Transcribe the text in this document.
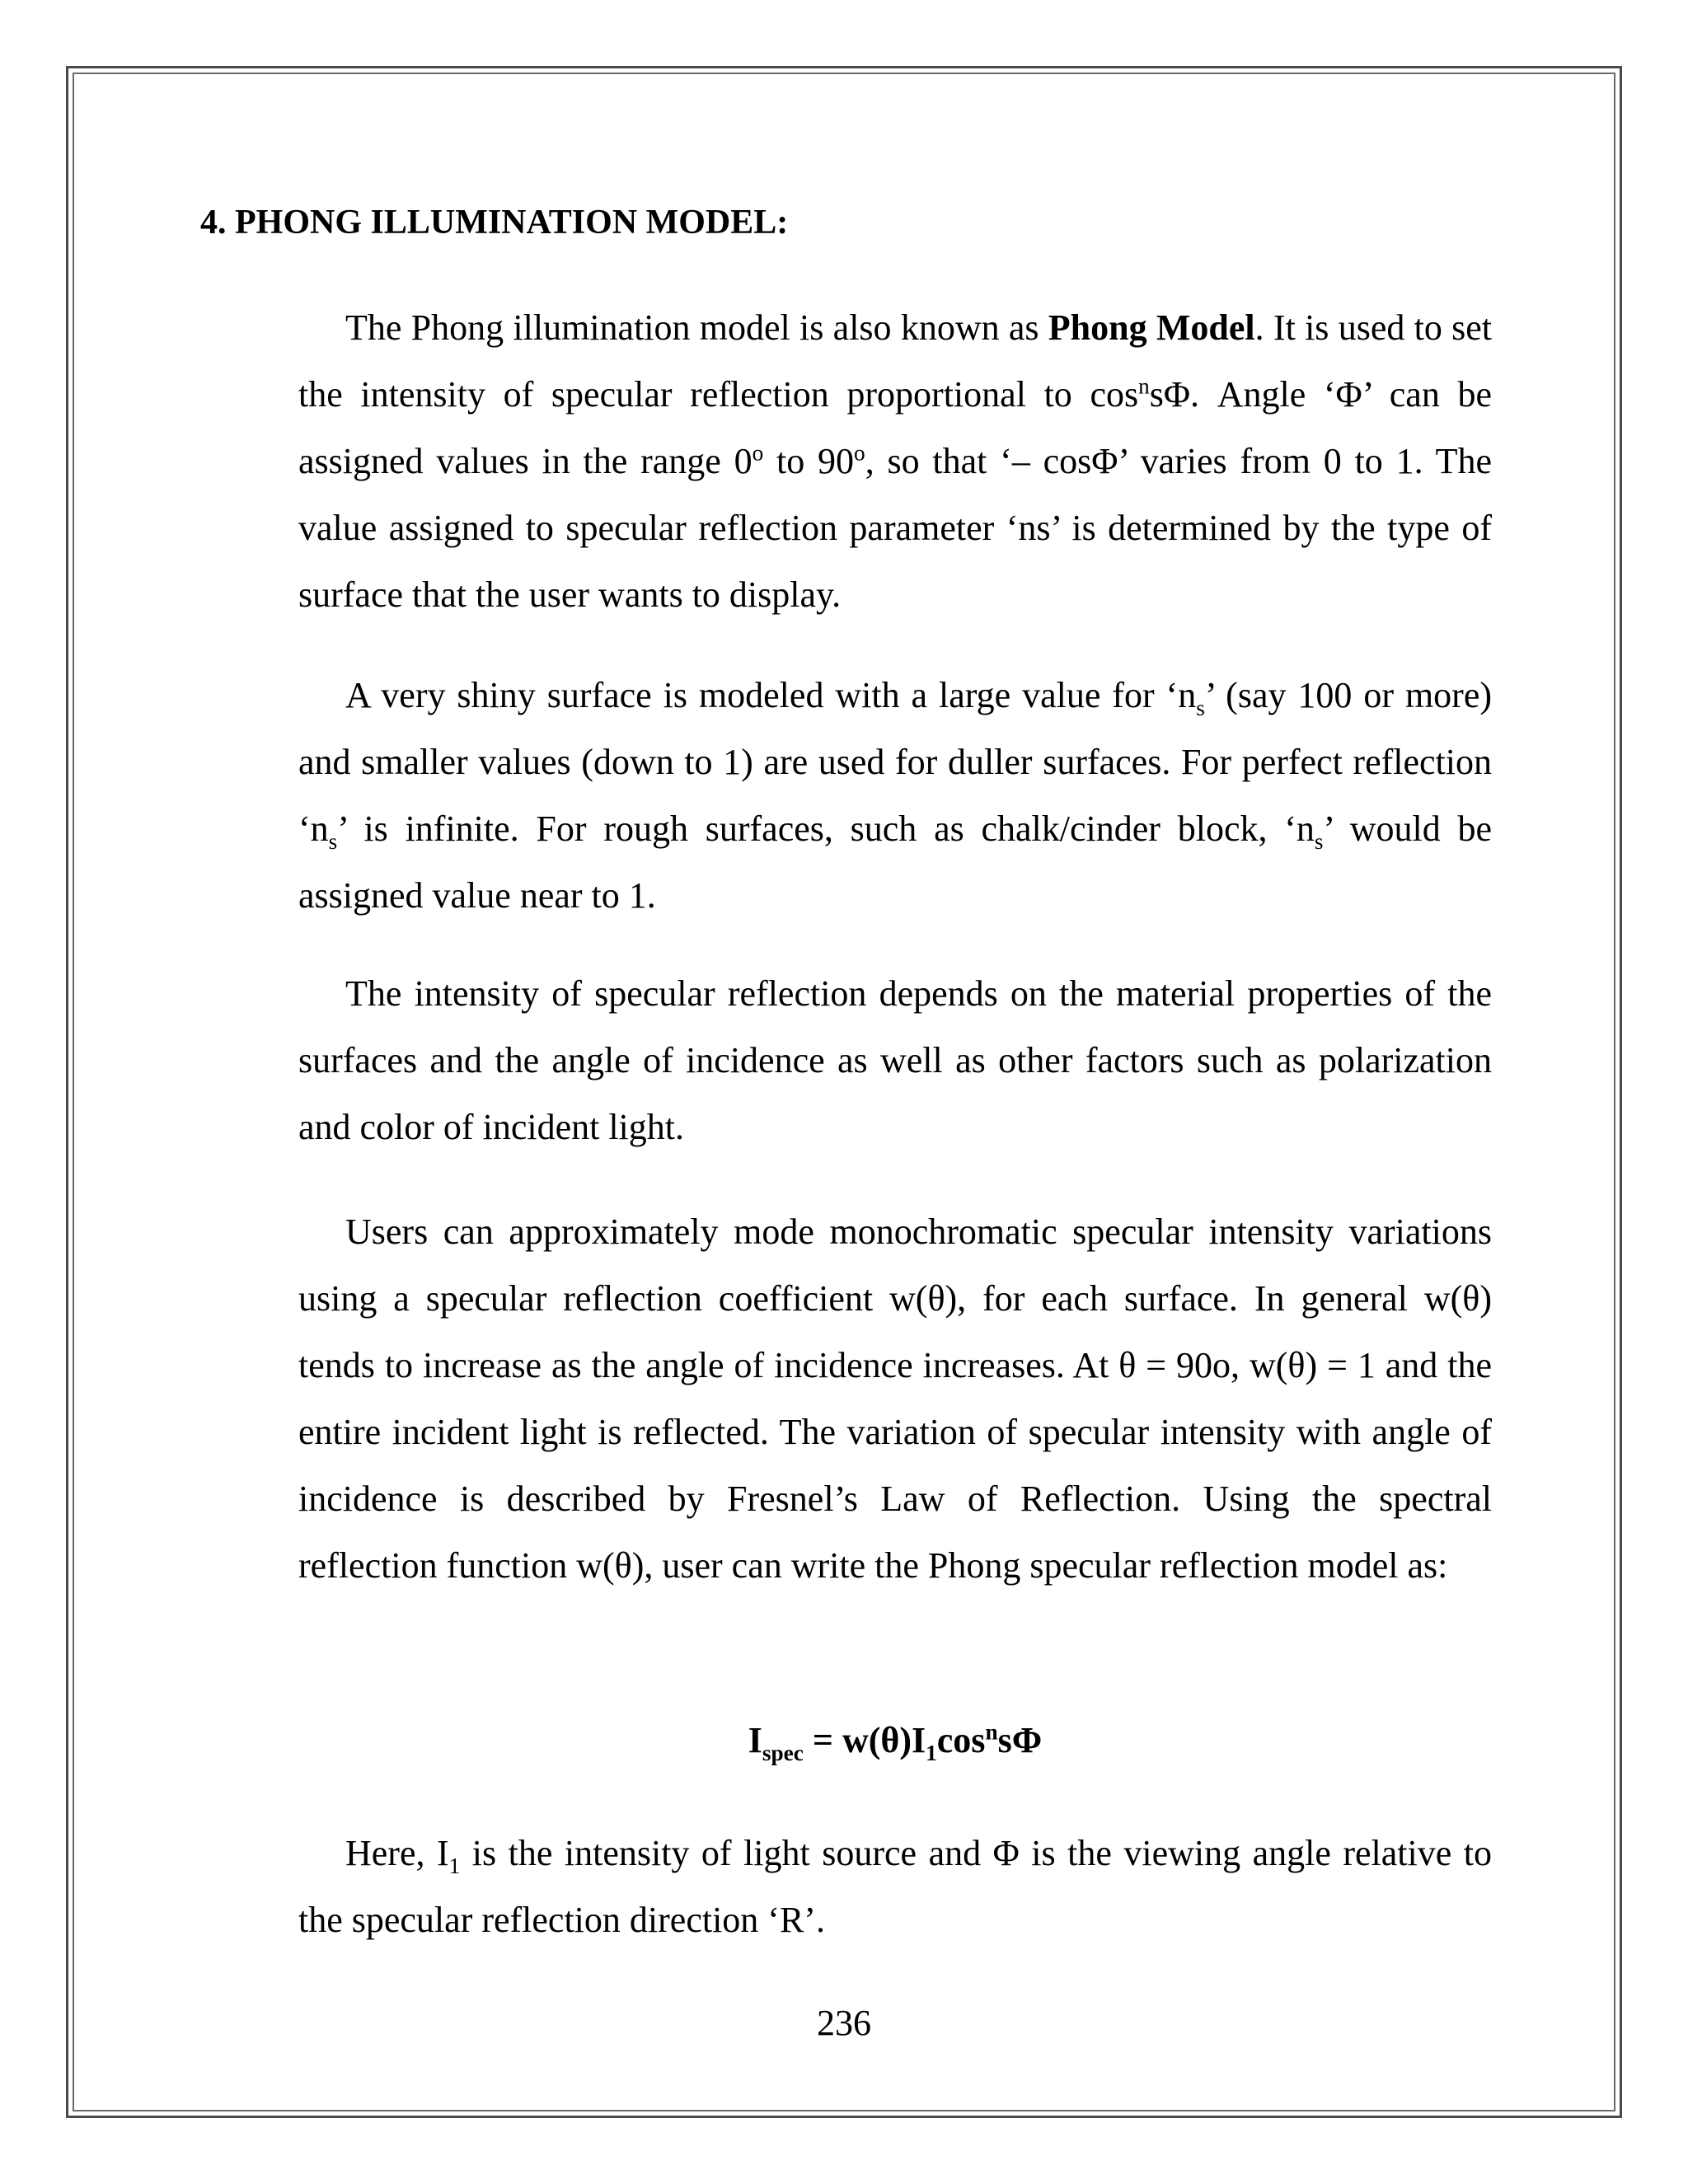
4. PHONG ILLUMINATION MODEL:

The Phong illumination model is also known as Phong Model. It is used to set the intensity of specular reflection proportional to $\cos^ns\Phi$. Angle ‘Φ’ can be assigned values in the range 0$^o$ to 90$^o$, so that ‘– cosΦ’ varies from 0 to 1. The value assigned to specular reflection parameter ‘ns’ is determined by the type of surface that the user wants to display.

A very shiny surface is modeled with a large value for ‘$n_s$’ (say 100 or more) and smaller values (down to 1) are used for duller surfaces. For perfect reflection ‘$n_s$’ is infinite. For rough surfaces, such as chalk/cinder block, ‘$n_s$’ would be assigned value near to 1.

The intensity of specular reflection depends on the material properties of the surfaces and the angle of incidence as well as other factors such as polarization and color of incident light.

Users can approximately mode monochromatic specular intensity variations using a specular reflection coefficient w(θ), for each surface. In general w(θ) tends to increase as the angle of incidence increases. At θ = 90o, w(θ) = 1 and the entire incident light is reflected. The variation of specular intensity with angle of incidence is described by Fresnel’s Law of Reflection. Using the spectral reflection function w(θ), user can write the Phong specular reflection model as:

$I_{spec} = w(\theta)I_1\cos^ns\Phi$

Here, $I_1$ is the intensity of light source and Φ is the viewing angle relative to the specular reflection direction ‘R’.

236
